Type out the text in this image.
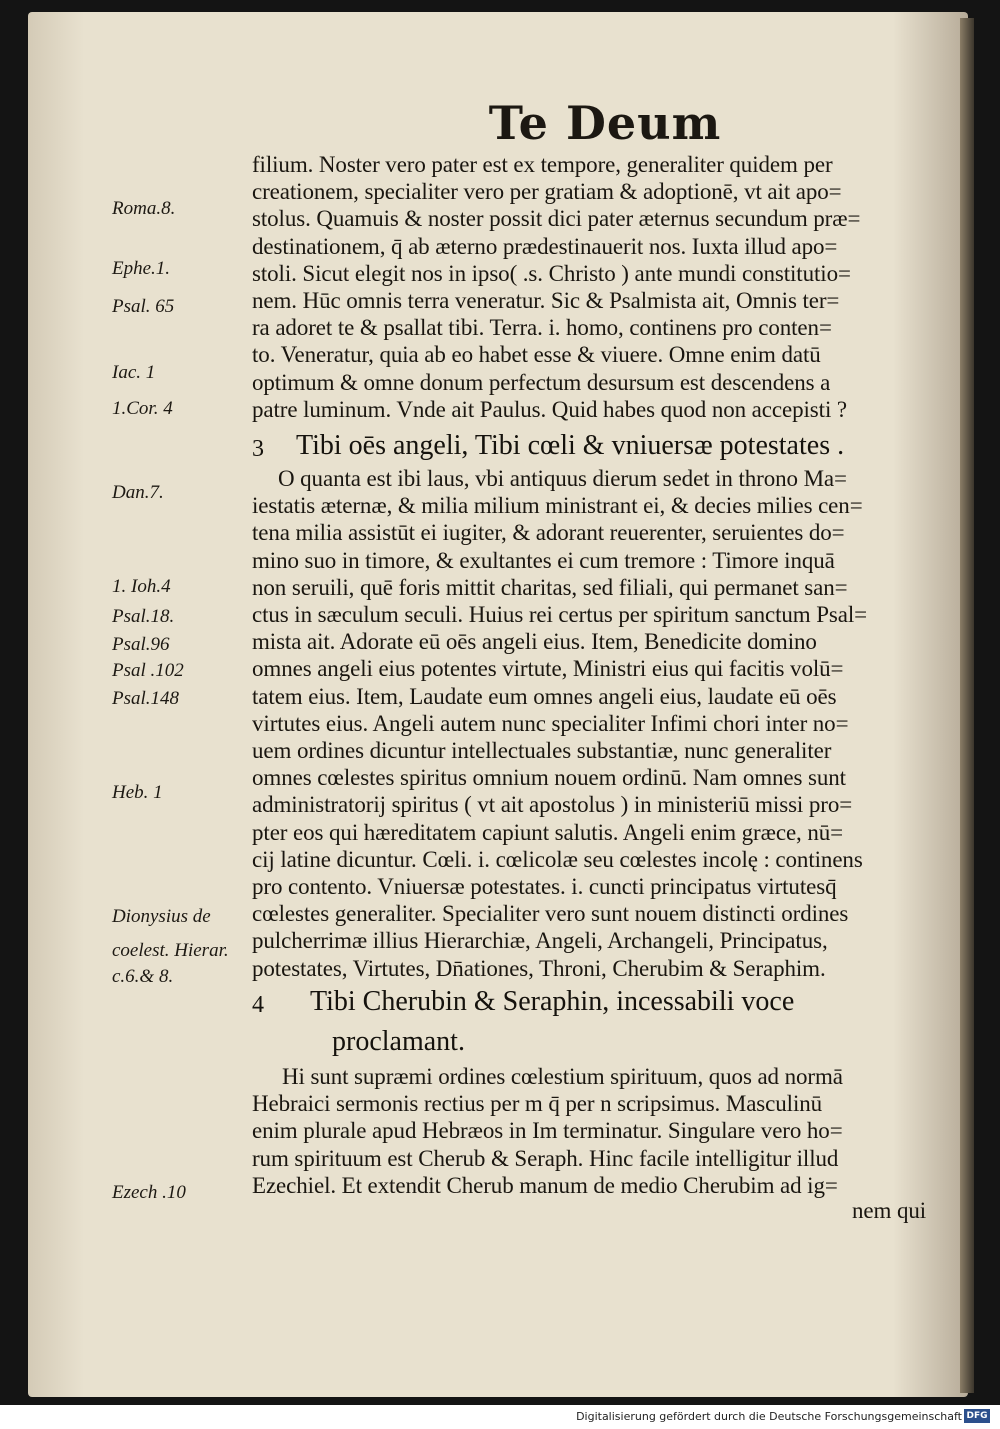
Te Deum
Roma.8.
Ephe.1.
Psal. 65
Iac. 1
1.Cor. 4
Dan.7.
1. Ioh.4
Psal.18.
Psal.96
Psal .102
Psal.148
Heb. 1
Dionysius de
coelest. Hierar.
c.6.& 8.
Ezech .10
filium. Noster vero pater est ex tempore, generaliter quidem per
creationem, specialiter vero per gratiam & adoptionē, vt ait apo=
stolus. Quamuis & noster possit dici pater æternus secundum præ=
destinationem, q̄ ab æterno prædestinauerit nos. Iuxta illud apo=
stoli. Sicut elegit nos in ipso( .s. Christo ) ante mundi constitutio=
nem. Hūc omnis terra veneratur. Sic & Psalmista ait, Omnis ter=
ra adoret te & psallat tibi. Terra. i. homo, continens pro conten=
to. Veneratur, quia ab eo habet esse & viuere. Omne enim datū
optimum & omne donum perfectum desursum est descendens a
patre luminum. Vnde ait Paulus. Quid habes quod non accepisti ?
3 Tibi oēs angeli, Tibi cœli & vniuersæ potestates .
O quanta est ibi laus, vbi antiquus dierum sedet in throno Ma=
iestatis æternæ, & milia milium ministrant ei, & decies milies cen=
tena milia assistūt ei iugiter, & adorant reuerenter, seruientes do=
mino suo in timore, & exultantes ei cum tremore : Timore inquā
non seruili, quē foris mittit charitas, sed filiali, qui permanet san=
ctus in sæculum seculi. Huius rei certus per spiritum sanctum Psal=
mista ait. Adorate eū oēs angeli eius. Item, Benedicite domino
omnes angeli eius potentes virtute, Ministri eius qui facitis volū=
tatem eius. Item, Laudate eum omnes angeli eius, laudate eū oēs
virtutes eius. Angeli autem nunc specialiter Infimi chori inter no=
uem ordines dicuntur intellectuales substantiæ, nunc generaliter
omnes cœlestes spiritus omnium nouem ordinū. Nam omnes sunt
administratorij spiritus ( vt ait apostolus ) in ministeriū missi pro=
pter eos qui hæreditatem capiunt salutis. Angeli enim græce, nū=
cij latine dicuntur. Cœli. i. cœlicolæ seu cœlestes incolę : continens
pro contento. Vniuersæ potestates. i. cuncti principatus virtutesq̄
cœlestes generaliter. Specialiter vero sunt nouem distincti ordines
pulcherrimæ illius Hierarchiæ, Angeli, Archangeli, Principatus,
potestates, Virtutes, Dn̄ationes, Throni, Cherubim & Seraphim.
4 Tibi Cherubin & Seraphin, incessabili voce
proclamant.
Hi sunt supræmi ordines cœlestium spirituum, quos ad normā
Hebraici sermonis rectius per m q̄ per n scripsimus. Masculinū
enim plurale apud Hebræos in Im terminatur. Singulare vero ho=
rum spirituum est Cherub & Seraph. Hinc facile intelligitur illud
Ezechiel. Et extendit Cherub manum de medio Cherubim ad ig=
nem qui
Digitalisierung gefördert durch die Deutsche Forschungsgemeinschaft DFG
